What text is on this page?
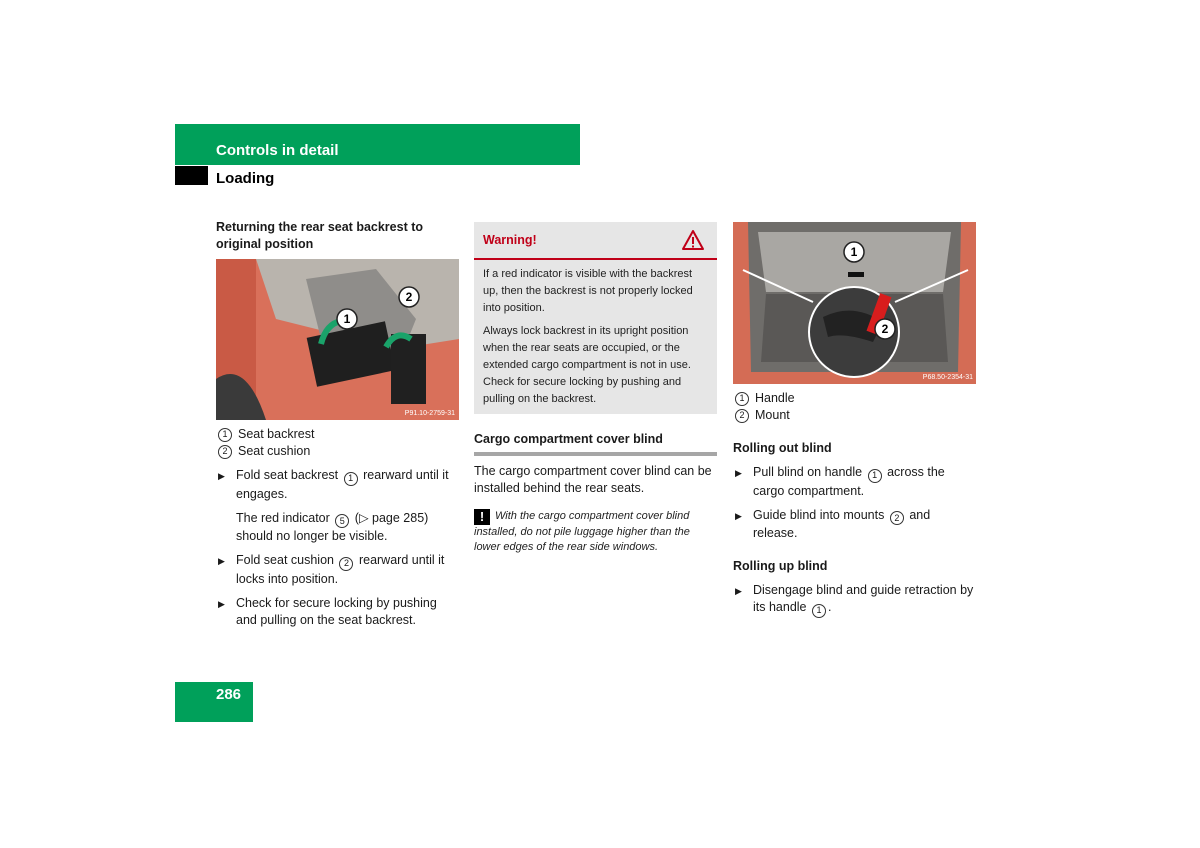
Controls in detail
Loading
Returning the rear seat backrest to original position
1
2
P91.10-2759-31
1 Seat backrest
2 Seat cushion
▶ Fold seat backrest 1 rearward until it engages.
The red indicator 5 (▷ page 285) should no longer be visible.
▶ Fold seat cushion 2 rearward until it locks into position.
▶ Check for secure locking by pushing and pulling on the seat backrest.
Warning!

If a red indicator is visible with the backrest up, then the backrest is not properly locked into position.

Always lock backrest in its upright position when the rear seats are occupied, or the extended cargo compartment is not in use. Check for secure locking by pushing and pulling on the backrest.

Cargo compartment cover blind
The cargo compartment cover blind can be installed behind the rear seats.
! With the cargo compartment cover blind installed, do not pile luggage higher than the lower edges of the rear side windows.
1
2
P68.50-2354-31
1 Handle
2 Mount
Rolling out blind
▶ Pull blind on handle 1 across the cargo compartment.
▶ Guide blind into mounts 2 and release.
Rolling up blind
▶ Disengage blind and guide retraction by its handle 1 .
286
